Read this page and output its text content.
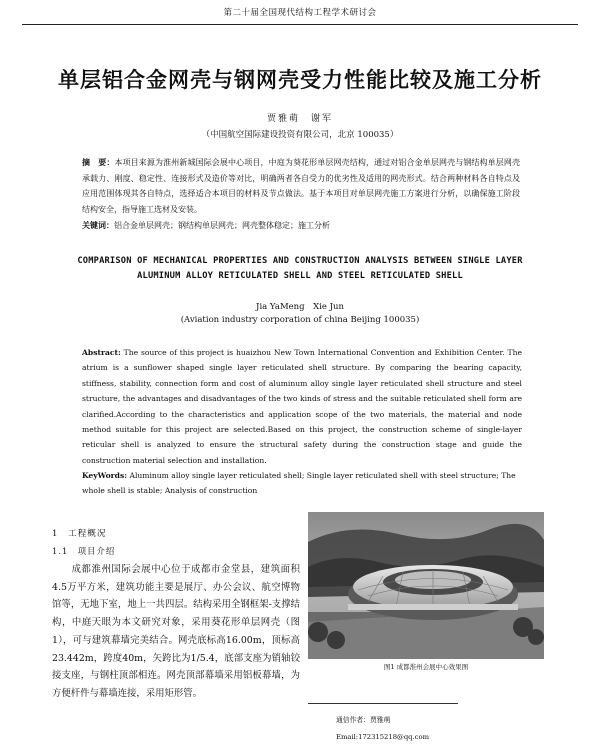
第二十届全国现代结构工程学术研讨会
单层铝合金网壳与钢网壳受力性能比较及施工分析
贾雅萌　谢军
（中国航空国际建设投资有限公司，北京 100035）
摘　要：本项目来源为淮州新城国际会展中心项目，中庭为葵花形单层网壳结构，通过对铝合金单层网壳与钢结构单层网壳承载力、刚度、稳定性、连接形式及造价等对比，明确两者各自受力的优劣性及适用的网壳形式。结合两种材料各自特点及应用范围体现其各自特点，选择适合本项目的材料及节点做法。基于本项目对单层网壳施工方案进行分析，以确保施工阶段结构安全，指导施工选材及安装。
关键词：铝合金单层网壳；钢结构单层网壳；网壳整体稳定；施工分析
COMPARISON OF MECHANICAL PROPERTIES AND CONSTRUCTION ANALYSIS BETWEEN SINGLE LAYER
ALUMINUM ALLOY RETICULATED SHELL AND STEEL RETICULATED SHELL
Jia YaMeng　Xie Jun
(Aviation industry corporation of china Beijing 100035)
Abstract: The source of this project is huaizhou New Town International Convention and Exhibition Center. The atrium is a sunflower shaped single layer reticulated shell structure. By comparing the bearing capacity, stiffness, stability, connection form and cost of aluminum alloy single layer reticulated shell structure and steel structure, the advantages and disadvantages of the two kinds of stress and the suitable reticulated shell form are clarified.According to the characteristics and application scope of the two materials, the material and node method suitable for this project are selected.Based on this project, the construction scheme of single-layer reticular shell is analyzed to ensure the structural safety during the construction stage and guide the construction material selection and installation.
KeyWords: Aluminum alloy single layer reticulated shell; Single layer reticulated shell with steel structure; The whole shell is stable; Analysis of construction
1　工程概况
1.1　项目介绍
成都淮州国际会展中心位于成都市金堂县，建筑面积4.5万平方米，建筑功能主要是展厅、办公会议、航空博物馆等，无地下室，地上一共四层。结构采用全钢框架-支撑结构，中庭天眼为本文研究对象，采用葵花形单层网壳（图1），可与建筑幕墙完美结合。网壳底标高16.00m，顶标高23.442m，跨度40m，矢跨比为1/5.4，底部支座为销轴铰接支座，与钢柱顶部相连。网壳顶部幕墙采用铝板幕墙，为方便杆件与幕墙连接，采用矩形管。
图1 成都淮州会展中心效果图
通信作者：贾雅萌
Email:172315218@qq.com
